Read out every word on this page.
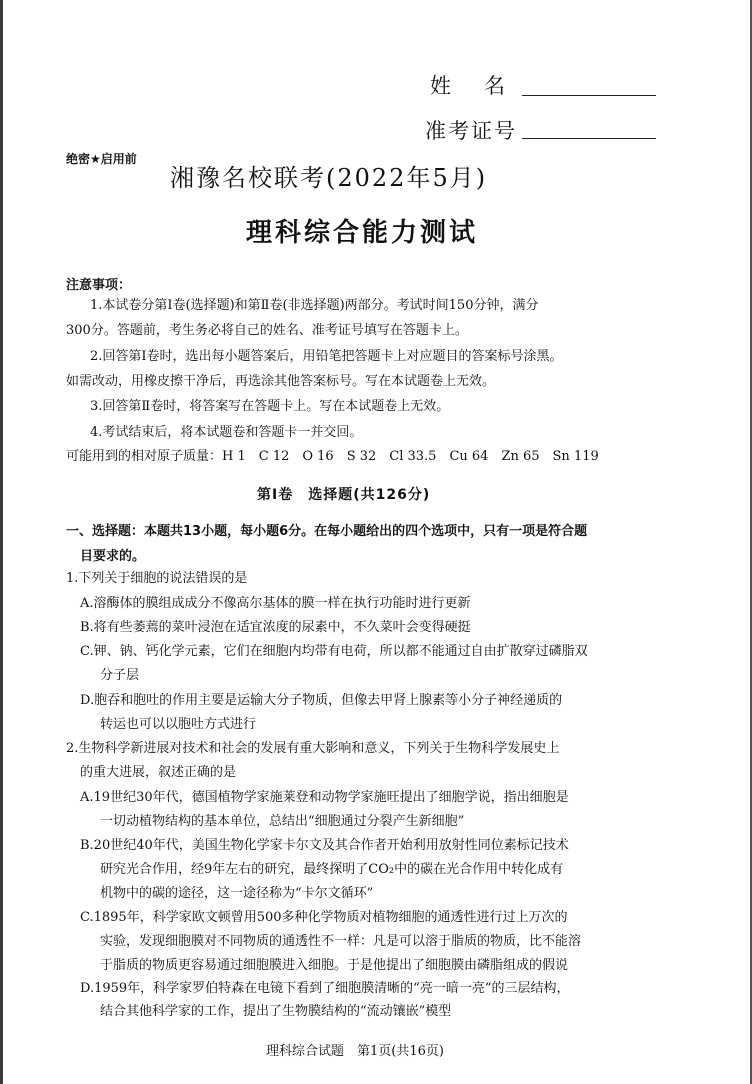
姓　名
准考证号
绝密★启用前
湘豫名校联考(2022年5月)
理科综合能力测试
注意事项：
1.本试卷分第Ⅰ卷(选择题)和第Ⅱ卷(非选择题)两部分。考试时间150分钟，满分
300分。答题前，考生务必将自己的姓名、准考证号填写在答题卡上。
2.回答第Ⅰ卷时，选出每小题答案后，用铅笔把答题卡上对应题目的答案标号涂黑。
如需改动，用橡皮擦干净后，再选涂其他答案标号。写在本试题卷上无效。
3.回答第Ⅱ卷时，将答案写在答题卡上。写在本试题卷上无效。
4.考试结束后，将本试题卷和答题卡一并交回。
可能用到的相对原子质量：H 1　C 12　O 16　S 32　Cl 33.5　Cu 64　Zn 65　Sn 119
第Ⅰ卷　选择题(共126分)
一、选择题：本题共13小题，每小题6分。在每小题给出的四个选项中，只有一项是符合题
目要求的。
1.下列关于细胞的说法错误的是
A.溶酶体的膜组成成分不像高尔基体的膜一样在执行功能时进行更新
B.将有些萎蔫的菜叶浸泡在适宜浓度的尿素中，不久菜叶会变得硬挺
C.钾、钠、钙化学元素，它们在细胞内均带有电荷，所以都不能通过自由扩散穿过磷脂双
分子层
D.胞吞和胞吐的作用主要是运输大分子物质，但像去甲肾上腺素等小分子神经递质的
转运也可以以胞吐方式进行
2.生物科学新进展对技术和社会的发展有重大影响和意义，下列关于生物科学发展史上
的重大进展，叙述正确的是
A.19世纪30年代，德国植物学家施莱登和动物学家施旺提出了细胞学说，指出细胞是
一切动植物结构的基本单位，总结出“细胞通过分裂产生新细胞”
B.20世纪40年代，美国生物化学家卡尔文及其合作者开始利用放射性同位素标记技术
研究光合作用，经9年左右的研究，最终探明了CO₂中的碳在光合作用中转化成有
机物中的碳的途径，这一途径称为“卡尔文循环”
C.1895年，科学家欧文顿曾用500多种化学物质对植物细胞的通透性进行过上万次的
实验，发现细胞膜对不同物质的通透性不一样：凡是可以溶于脂质的物质，比不能溶
于脂质的物质更容易通过细胞膜进入细胞。于是他提出了细胞膜由磷脂组成的假说
D.1959年，科学家罗伯特森在电镜下看到了细胞膜清晰的“亮一暗一亮”的三层结构，
结合其他科学家的工作，提出了生物膜结构的“流动镶嵌”模型
理科综合试题　第1页(共16页)
